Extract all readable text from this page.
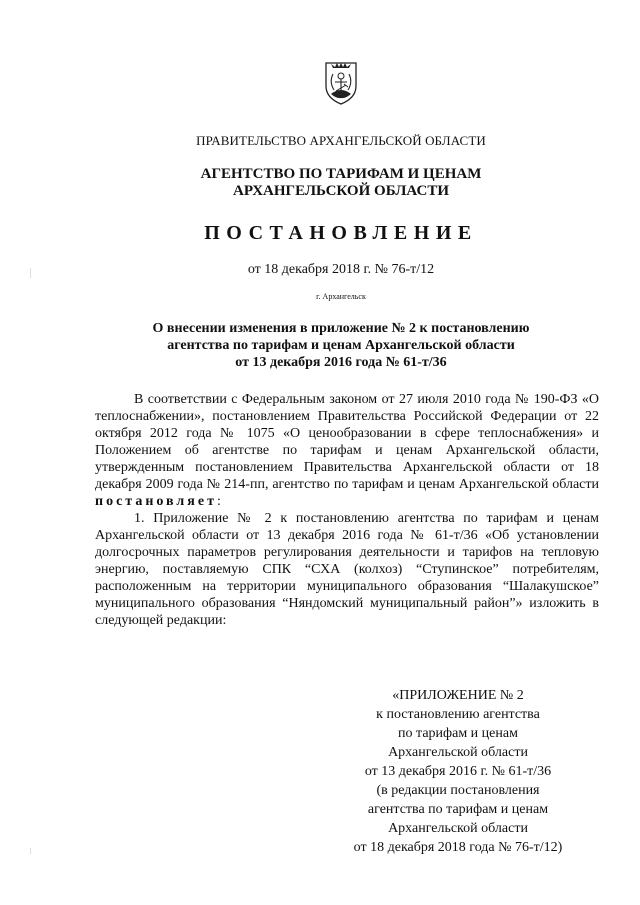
ПРАВИТЕЛЬСТВО АРХАНГЕЛЬСКОЙ ОБЛАСТИ
АГЕНТСТВО ПО ТАРИФАМ И ЦЕНАМ
АРХАНГЕЛЬСКОЙ ОБЛАСТИ
ПОСТАНОВЛЕНИЕ
от 18 декабря 2018 г. № 76-т/12
г. Архангельск
О внесении изменения в приложение № 2 к постановлению
агентства по тарифам и ценам Архангельской области
от 13 декабря 2016 года № 61-т/36

В соответствии с Федеральным законом от 27 июля 2010 года № 190-ФЗ «О теплоснабжении», постановлением Правительства Российской Федерации от 22 октября 2012 года № 1075 «О ценообразовании в сфере теплоснабжения» и Положением об агентстве по тарифам и ценам Архангельской области, утвержденным постановлением Правительства Архангельской области от 18 декабря 2009 года № 214-пп, агентство по тарифам и ценам Архангельской области постановляет:

1. Приложение № 2 к постановлению агентства по тарифам и ценам Архангельской области от 13 декабря 2016 года № 61-т/36 «Об установлении долгосрочных параметров регулирования деятельности и тарифов на тепловую энергию, поставляемую СПК “СХА (колхоз) “Ступинское” потребителям, расположенным на территории муниципального образования “Шалакушское” муниципального образования “Няндомский муниципальный район”» изложить в следующей редакции:

«ПРИЛОЖЕНИЕ № 2
к постановлению агентства
по тарифам и ценам
Архангельской области
от 13 декабря 2016 г. № 61-т/36
(в редакции постановления
агентства по тарифам и ценам
Архангельской области
от 18 декабря 2018 года № 76-т/12)
